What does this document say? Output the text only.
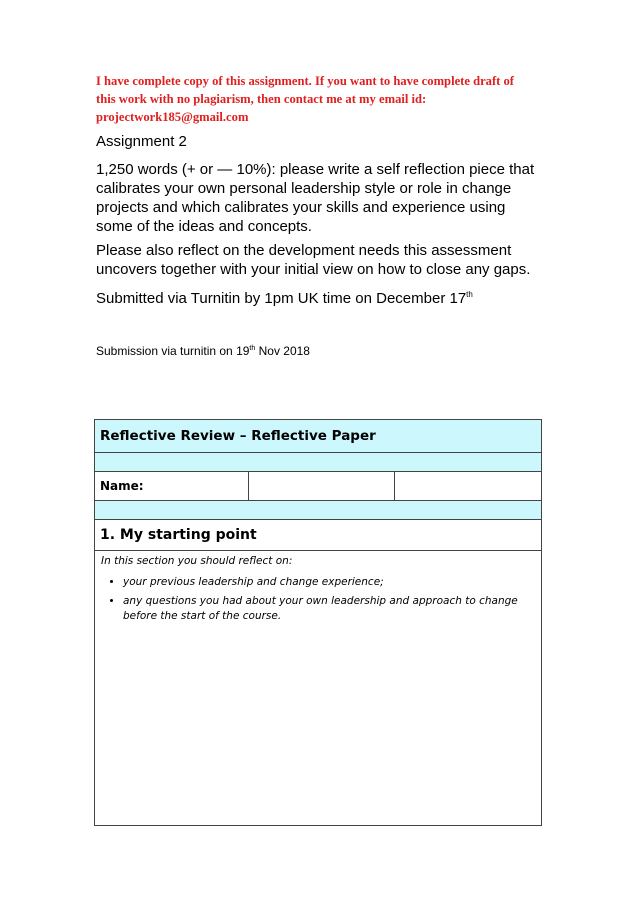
I have complete copy of this assignment. If you want to have complete draft of
this work with no plagiarism, then contact me at my email id:
projectwork185@gmail.com
Assignment 2
1,250 words (+ or — 10%): please write a self reflection piece that
calibrates your own personal leadership style or role in change
projects and which calibrates your skills and experience using
some of the ideas and concepts.
Please also reflect on the development needs this assessment
uncovers together with your initial view on how to close any gaps.
Submitted via Turnitin by 1pm UK time on December 17th
Submission via turnitin on 19th Nov 2018
Reflective Review – Reflective Paper

Name:		

1. My starting point

In this section you should reflect on:
• your previous leadership and change experience;
• any questions you had about your own leadership and approach to change before the start of the course.
